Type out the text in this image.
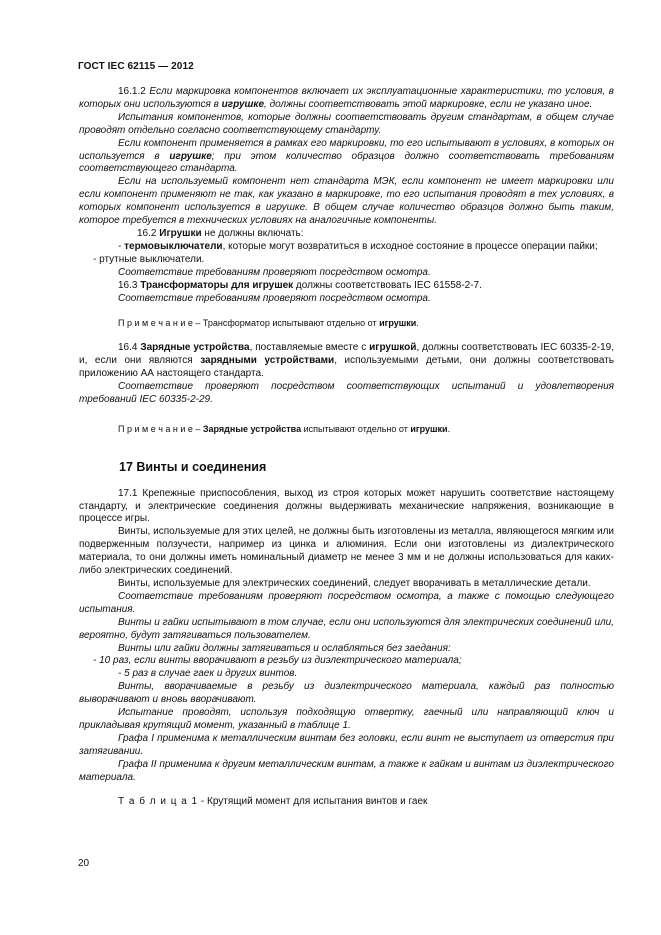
ГОСТ IEC 62115 — 2012

16.1.2 Если маркировка компонентов включает их эксплуатационные характеристики, то условия, в которых они используются в игрушке, должны соответствовать этой маркировке, если не указано иное.

Испытания компонентов, которые должны соответствовать другим стандартам, в общем случае проводят отдельно согласно соответствующему стандарту.

Если компонент применяется в рамках его маркировки, то его испытывают в условиях, в которых он используется в игрушке; при этом количество образцов должно соответствовать требованиям соответствующего стандарта.

Если на используемый компонент нет стандарта МЭК, если компонент не имеет маркировки или если компонент применяют не так, как указано в маркировке, то его испытания проводят в тех условиях, в которых компонент используется в игрушке. В общем случае количество образцов должно быть таким, которое требуется в технических условиях на аналогичные компоненты.

16.2 Игрушки не должны включать:

- термовыключатели, которые могут возвратиться в исходное состояние в процессе операции пайки;

- ртутные выключатели.

Соответствие требованиям проверяют посредством осмотра.

16.3 Трансформаторы для игрушек должны соответствовать IEC 61558-2-7.

Соответствие требованиям проверяют посредством осмотра.

П р и м е ч а н и е – Трансформатор испытывают отдельно от игрушки.

16.4 Зарядные устройства, поставляемые вместе с игрушкой, должны соответствовать IEC 60335-2-19, и, если они являются зарядными устройствами, используемыми детьми, они должны соответствовать приложению АА настоящего стандарта.

Соответствие проверяют посредством соответствующих испытаний и удовлетворения требований IEC 60335-2-29.

П р и м е ч а н и е – Зарядные устройства испытывают отдельно от игрушки.

17 Винты и соединения

17.1 Крепежные приспособления, выход из строя которых может нарушить соответствие настоящему стандарту, и электрические соединения должны выдерживать механические напряжения, возникающие в процессе игры.

Винты, используемые для этих целей, не должны быть изготовлены из металла, являющегося мягким или подверженным ползучести, например из цинка и алюминия. Если они изготовлены из диэлектрического материала, то они должны иметь номинальный диаметр не менее 3 мм и не должны использоваться для каких-либо электрических соединений.

Винты, используемые для электрических соединений, следует вворачивать в металлические детали.

Соответствие требованиям проверяют посредством осмотра, а также с помощью следующего испытания.

Винты и гайки испытывают в том случае, если они используются для электрических соединений или, вероятно, будут затягиваться пользователем.

Винты или гайки должны затягиваться и ослабляться без заедания:

- 10 раз, если винты вворачивают в резьбу из диэлектрического материала;

- 5 раз в случае гаек и других винтов.

Винты, вворачиваемые в резьбу из диэлектрического материала, каждый раз полностью выворачивают и вновь вворачивают.

Испытание проводят, используя подходящую отвертку, гаечный или направляющий ключ и прикладывая крутящий момент, указанный в таблице 1.

Графа I применима к металлическим винтам без головки, если винт не выступает из отверстия при затягивании.

Графа II применима к другим металлическим винтам, а также к гайкам и винтам из диэлектрического материала.

Т а б л и ц а 1 - Крутящий момент для испытания винтов и гаек

20
